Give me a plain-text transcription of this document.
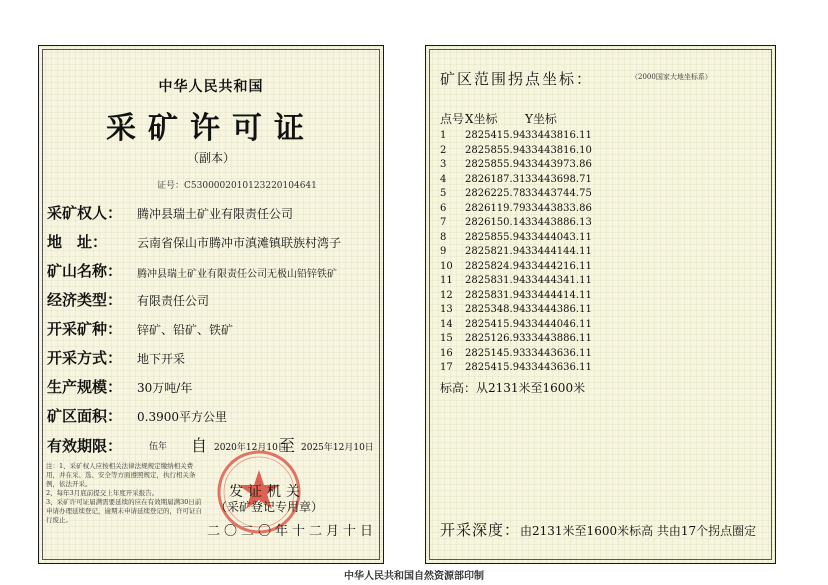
中华人民共和国
采矿许可证
（副本）
证号：C5300002010123220104641
采矿权人： 腾冲县瑞土矿业有限责任公司
地　址： 云南省保山市腾冲市滇滩镇联族村湾子
矿山名称： 腾冲县瑞土矿业有限责任公司无极山铅锌铁矿
经济类型： 有限责任公司
开采矿种： 锌矿、铅矿、铁矿
开采方式： 地下开采
生产规模： 30万吨/年
矿区面积： 0.3900平方公里
有效期限：	伍年 自 2020年12月10日
至 2025年12月10日
注：1、采矿权人应按相关法律法规规定缴纳相关费用，并在采、选、安全等方面遵照规定，执行相关条例，依法开采。
2、每年3月底前提交上年度开采报告。
3、采矿许可证届满需要延续的应在有效期届满30日前申请办理延续登记，逾期未申请延续登记的，许可证自行废止。
发证机关
（采矿登记专用章）
二〇二〇年十二月十日
矿区范围拐点坐标：	（2000国家大地坐标系）
点号 X坐标 Y坐标
1 2825415.94 33443816.11
2 2825855.94 33443816.10
3 2825855.94 33443973.86
4 2826187.31 33443698.71
5 2826225.78 33443744.75
6 2826119.79 33443833.86
7 2826150.14 33443886.13
8 2825855.94 33444043.11
9 2825821.94 33444144.11
10 2825824.94 33444216.11
11 2825831.94 33444341.11
12 2825831.94 33444414.11
13 2825348.94 33444386.11
14 2825415.94 33444046.11
15 2825126.93 33443886.11
16 2825145.93 33443636.11
17 2825415.94 33443636.11
标高：从2131米至1600米
开采深度：由2131米至1600米标高 共由17个拐点圈定
中华人民共和国自然资源部印制
